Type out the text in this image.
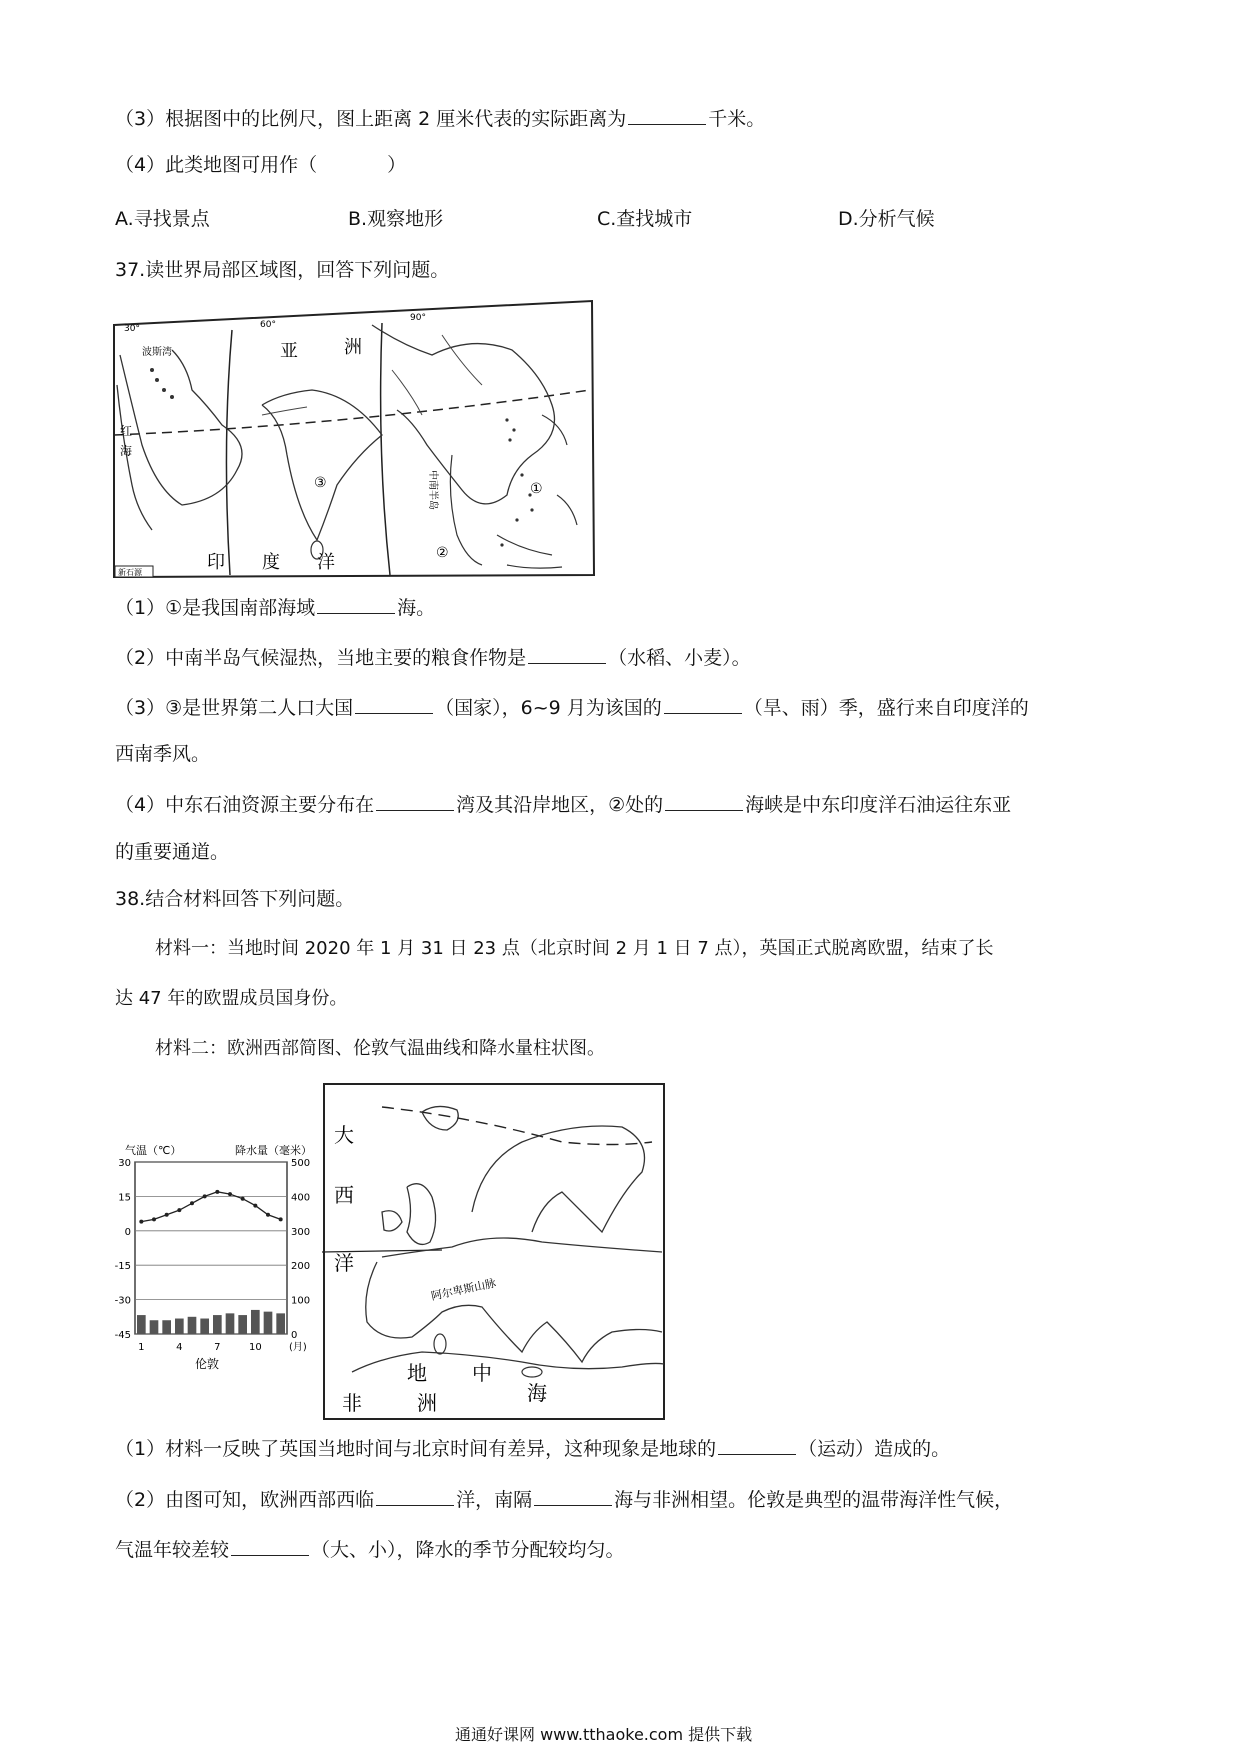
（3）根据图中的比例尺，图上距离 2 厘米代表的实际距离为	千米。
（4）此类地图可用作（	）
A.寻找景点	B.观察地形	C.查找城市	D.分析气候
37.读世界局部区域图，回答下列问题。
30°	60°
90°
波斯湾
红
海
亚	洲
中南半岛
印 度 洋
①
②
③
新石源
（1）①是我国南部海域	海。
（2）中南半岛气候湿热，当地主要的粮食作物是	（水稻、小麦）。
（3）③是世界第二人口大国	（国家），6~9 月为该国的	（旱、雨）季，盛行来自印度洋的
西南季风。
（4）中东石油资源主要分布在	湾及其沿岸地区，②处的	海峡是中东印度洋石油运往东亚
的重要通道。
38.结合材料回答下列问题。
材料一：当地时间 2020 年 1 月 31 日 23 点（北京时间 2 月 1 日 7 点），英国正式脱离欧盟，结束了长
达 47 年的欧盟成员国身份。
材料二：欧洲西部简图、伦敦气温曲线和降水量柱状图。
气温（℃）	降水量（毫米）
30
15
0
-15
-30
-45
500
400
300
200
100
0
1	4	7	10	(月)
伦敦
大
西
洋
阿尔卑斯山脉
地 中
海
非	洲
（1）材料一反映了英国当地时间与北京时间有差异，这种现象是地球的	（运动）造成的。
（2）由图可知，欧洲西部西临	洋，南隔	海与非洲相望。伦敦是典型的温带海洋性气候，
气温年较差较	（大、小），降水的季节分配较均匀。
通通好课网 www.tthaoke.com 提供下载
